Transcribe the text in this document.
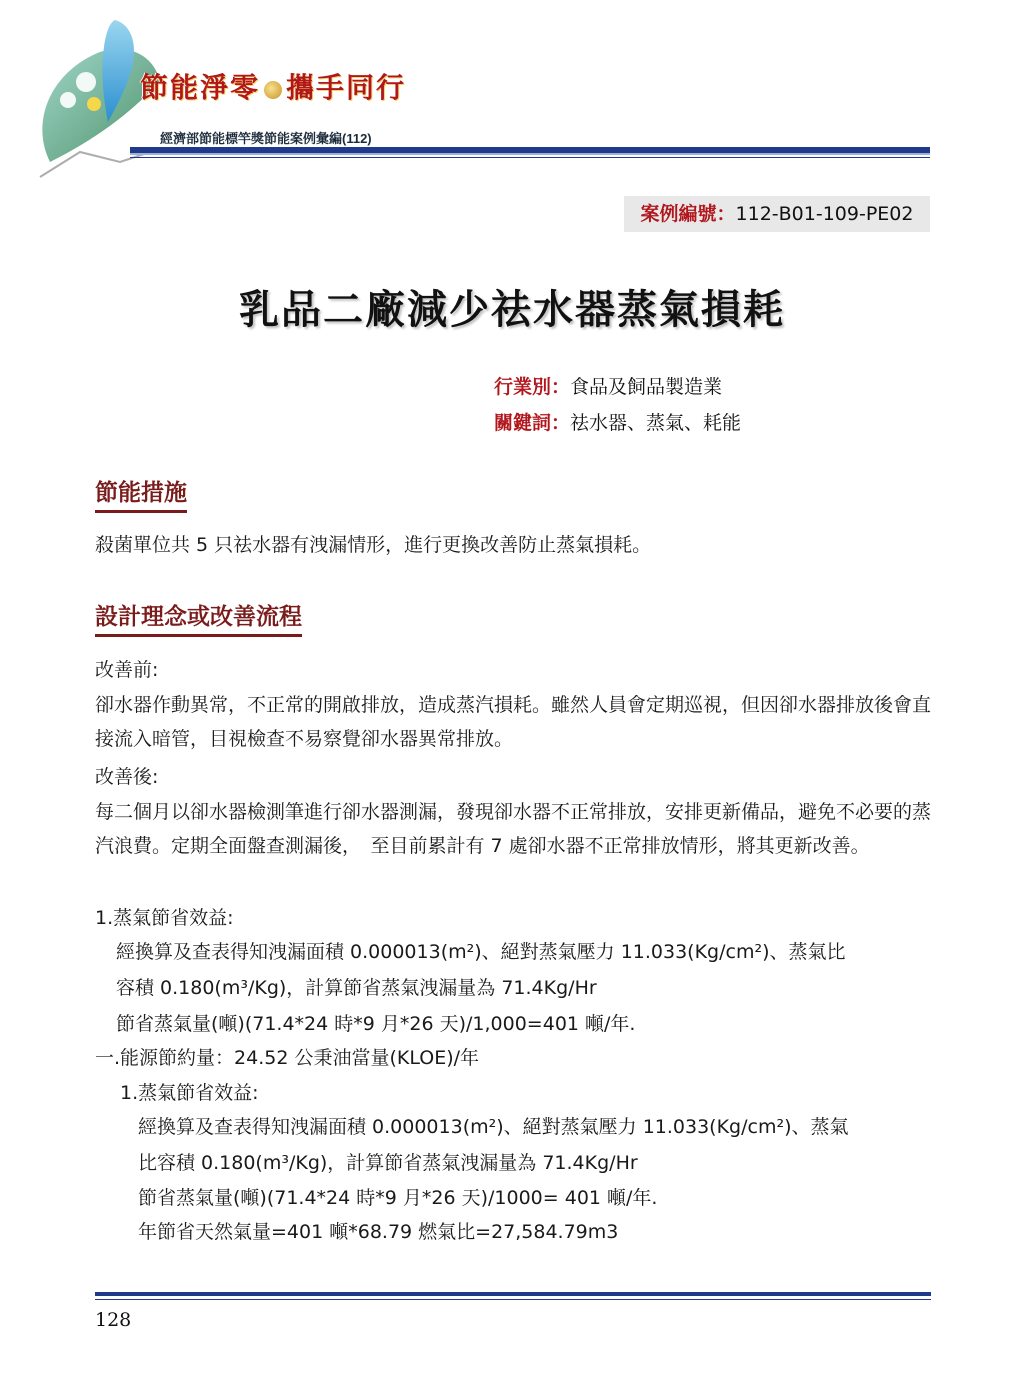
節能淨零 攜手同行
經濟部節能標竿獎節能案例彙編(112)
案例編號：112-B01-109-PE02
乳品二廠減少祛水器蒸氣損耗
行業別：食品及飼品製造業
關鍵詞：祛水器、蒸氣、耗能
節能措施
殺菌單位共 5 只祛水器有洩漏情形，進行更換改善防止蒸氣損耗。
設計理念或改善流程
改善前:
卻水器作動異常，不正常的開啟排放，造成蒸汽損耗。雖然人員會定期巡視，但因卻水器排放後會直接流入暗管，目視檢查不易察覺卻水器異常排放。
改善後:
每二個月以卻水器檢測筆進行卻水器測漏，發現卻水器不正常排放，安排更新備品，避免不必要的蒸汽浪費。定期全面盤查測漏後，　至目前累計有 7 處卻水器不正常排放情形，將其更新改善。
1.蒸氣節省效益:
經換算及查表得知洩漏面積 0.000013(m²)、絕對蒸氣壓力 11.033(Kg/cm²)、蒸氣比
容積 0.180(m³/Kg)，計算節省蒸氣洩漏量為 71.4Kg/Hr
節省蒸氣量(噸)(71.4*24 時*9 月*26 天)/1,000=401 噸/年.
一.能源節約量：24.52 公秉油當量(KLOE)/年
1.蒸氣節省效益:
經換算及查表得知洩漏面積 0.000013(m²)、絕對蒸氣壓力 11.033(Kg/cm²)、蒸氣
比容積 0.180(m³/Kg)，計算節省蒸氣洩漏量為 71.4Kg/Hr
節省蒸氣量(噸)(71.4*24 時*9 月*26 天)/1000= 401 噸/年.
年節省天然氣量=401 噸*68.79 燃氣比=27,584.79m3
128
